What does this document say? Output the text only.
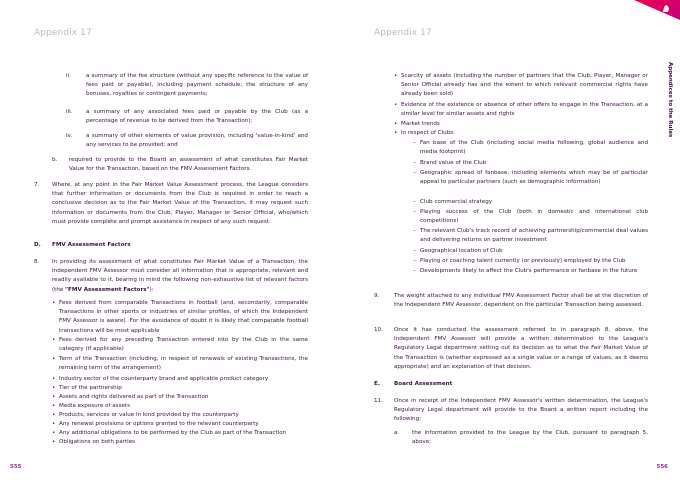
Appendix 17
ii.	a summary of the fee structure (without any specific reference to the value of fees paid or payable), including payment schedule, the structure of any bonuses, royalties or contingent payments;
iii. a summary of any associated fees paid or payable by the Club (as a percentage of revenue to be derived from the Transaction);
iv. a summary of other elements of value provision, including 'value-in-kind' and any services to be provided; and
b. required to provide to the Board an assessment of what constitutes Fair Market Value for the Transaction, based on the FMV Assessment Factors.
7. Where, at any point in the Fair Market Value Assessment process, the League considers that further information or documents from the Club is required in order to reach a conclusive decision as to the Fair Market Value of the Transaction, it may request such information or documents from the Club, Player, Manager or Senior Official, who/which must provide complete and prompt assistance in respect of any such request.
D. FMV Assessment Factors
8. In providing its assessment of what constitutes Fair Market Value of a Transaction, the Independent FMV Assessor must consider all information that is appropriate, relevant and readily available to it, bearing in mind the following non-exhaustive list of relevant factors (the "FMV Assessment Factors"):
• Fees derived from comparable Transactions in football (and, secondarily, comparable Transactions in other sports or industries of similar profiles, of which the Independent FMV Assessor is aware). For the avoidance of doubt it is likely that comparable football transactions will be most applicable
• Fees derived for any preceding Transaction entered into by the Club in the same category (if applicable)
• Term of the Transaction (including, in respect of renewals of existing Transactions, the remaining term of the arrangement)
• Industry sector of the counterparty brand and applicable product category
• Tier of the partnership
• Assets and rights delivered as part of the Transaction
• Media exposure of assets
• Products, services or value in kind provided by the counterparty
• Any renewal provisions or options granted to the relevant counterparty
• Any additional obligations to be performed by the Club as part of the Transaction
• Obligations on both parties
555
Appendix 17
Appendices to the Rules
• Scarcity of assets (including the number of partners that the Club, Player, Manager or Senior Official already has and the extent to which relevant commercial rights have already been sold)
• Evidence of the existence or absence of other offers to engage in the Transaction, at a similar level for similar assets and rights
• Market trends
• In respect of Clubs:
– Fan base of the Club (including social media following, global audience and media footprint)
– Brand value of the Club
– Geographic spread of fanbase, including elements which may be of particular appeal to particular partners (such as demographic information)
– Club commercial strategy
– Playing success of the Club (both in domestic and international club competitions)
– The relevant Club's track record of achieving partnership/commercial deal values and delivering returns on partner investment
– Geographical location of Club
– Playing or coaching talent currently (or previously) employed by the Club
– Developments likely to affect the Club's performance or fanbase in the future
9.	The weight attached to any individual FMV Assessment Factor shall be at the discretion of the Independent FMV Assessor, dependent on the particular Transaction being assessed.
10. Once it has conducted the assessment referred to in paragraph 8, above, the Independent FMV Assessor will provide a written determination to the League's Regulatory Legal department setting out its decision as to what the Fair Market Value of the Transaction is (whether expressed as a single value or a range of values, as it deems appropriate) and an explanation of that decision.
E.	Board Assessment
11. Once in receipt of the Independent FMV Assessor's written determination, the League's Regulatory Legal department will provide to the Board a written report including the following:
a. the information provided to the League by the Club, pursuant to paragraph 5, above;
556
